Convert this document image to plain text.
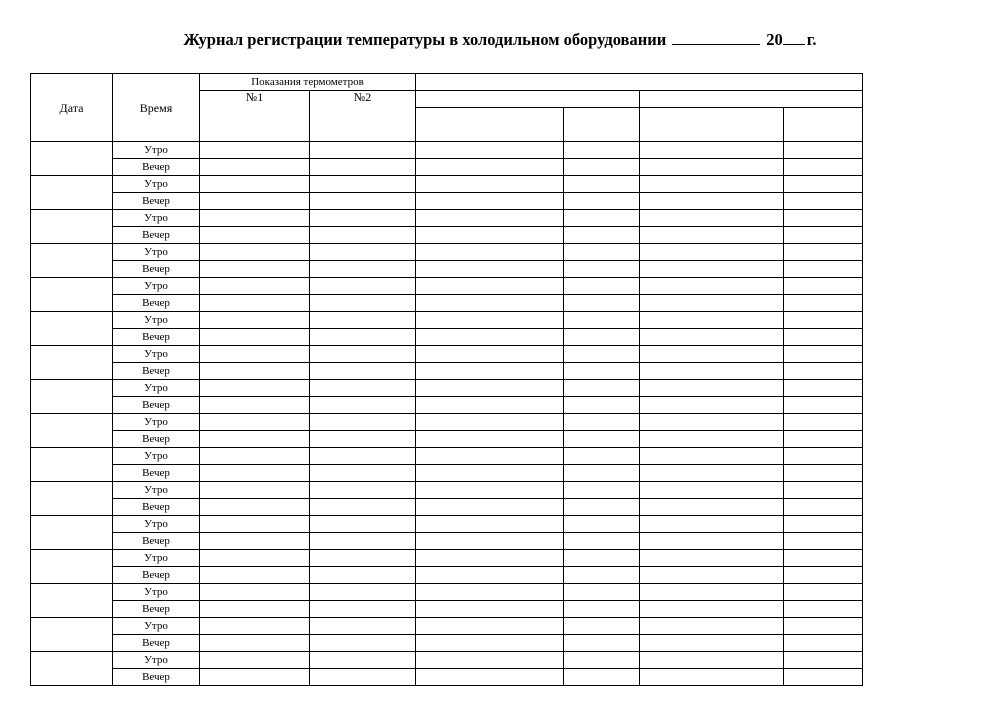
Журнал регистрации температуры в холодильном оборудовании	20 г.
Дата	Время	Показания термометров					
		№1	№2				

	Утро						
	Вечер						
	Утро						
	Вечер						
	Утро						
	Вечер						
	Утро						
	Вечер						
	Утро						
	Вечер						
	Утро						
	Вечер						
	Утро						
	Вечер						
	Утро						
	Вечер						
	Утро						
	Вечер						
	Утро						
	Вечер						
	Утро						
	Вечер						
	Утро						
	Вечер						
	Утро						
	Вечер						
	Утро						
	Вечер						
	Утро						
	Вечер						
	Утро						
	Вечер						
